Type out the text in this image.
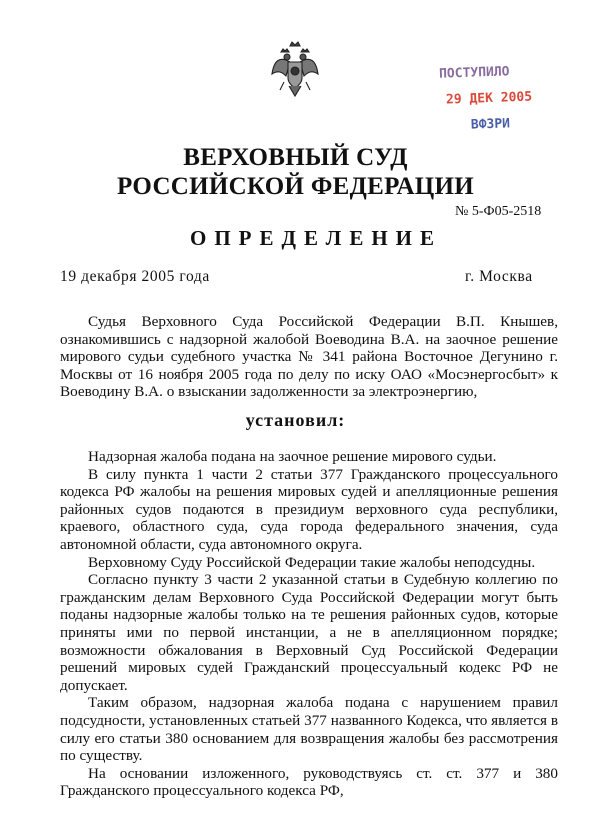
ПОСТУПИЛО
29 ДЕК 2005
ВФЗРИ
ВЕРХОВНЫЙ СУД
РОССИЙСКОЙ ФЕДЕРАЦИИ
№ 5-Ф05-2518
ОПРЕДЕЛЕНИЕ
19 декабря 2005 года	г. Москва
Судья Верховного Суда Российской Федерации В.П. Кнышев, ознакомившись с надзорной жалобой Воеводина В.А. на заочное решение мирового судьи судебного участка № 341 района Восточное Дегунино г. Москвы от 16 ноября 2005 года по делу по иску ОАО «Мосэнергосбыт» к Воеводину В.А. о взыскании задолженности за электроэнергию,
установил:

Надзорная жалоба подана на заочное решение мирового судьи.

В силу пункта 1 части 2 статьи 377 Гражданского процессуального кодекса РФ жалобы на решения мировых судей и апелляционные решения районных судов подаются в президиум верховного суда республики, краевого, областного суда, суда города федерального значения, суда автономной области, суда автономного округа.

Верховному Суду Российской Федерации такие жалобы неподсудны.

Согласно пункту 3 части 2 указанной статьи в Судебную коллегию по гражданским делам Верховного Суда Российской Федерации могут быть поданы надзорные жалобы только на те решения районных судов, которые приняты ими по первой инстанции, а не в апелляционном порядке; возможности обжалования в Верховный Суд Российской Федерации решений мировых судей Гражданский процессуальный кодекс РФ не допускает.

Таким образом, надзорная жалоба подана с нарушением правил подсудности, установленных статьей 377 названного Кодекса, что является в силу его статьи 380 основанием для возвращения жалобы без рассмотрения по существу.

На основании изложенного, руководствуясь ст. ст. 377 и 380 Гражданского процессуального кодекса РФ,
